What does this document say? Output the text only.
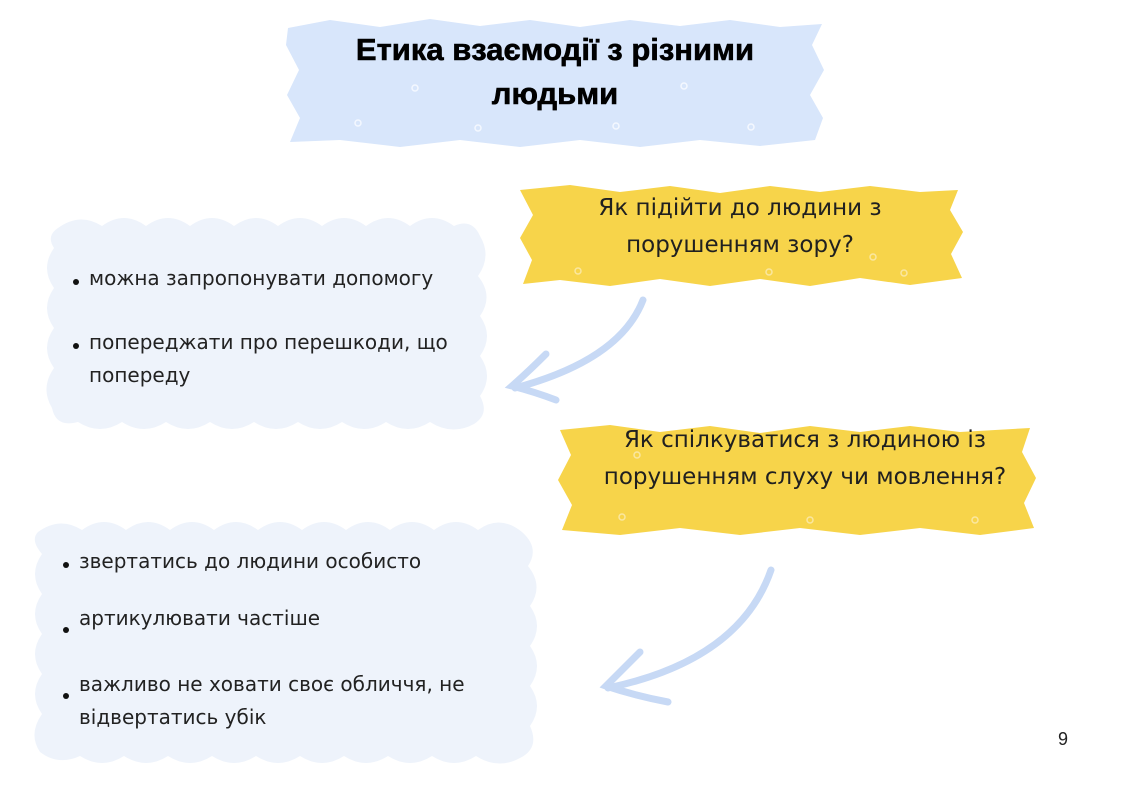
Етика взаємодії з різними людьми
Як підійти до людини з порушенням зору?
можна запропонувати допомогу
попереджати про перешкоди, що попереду
Як спілкуватися з людиною із порушенням слуху чи мовлення?
звертатись до людини особисто
артикулювати частіше
важливо не ховати своє обличчя, не відвертатись убік
9
